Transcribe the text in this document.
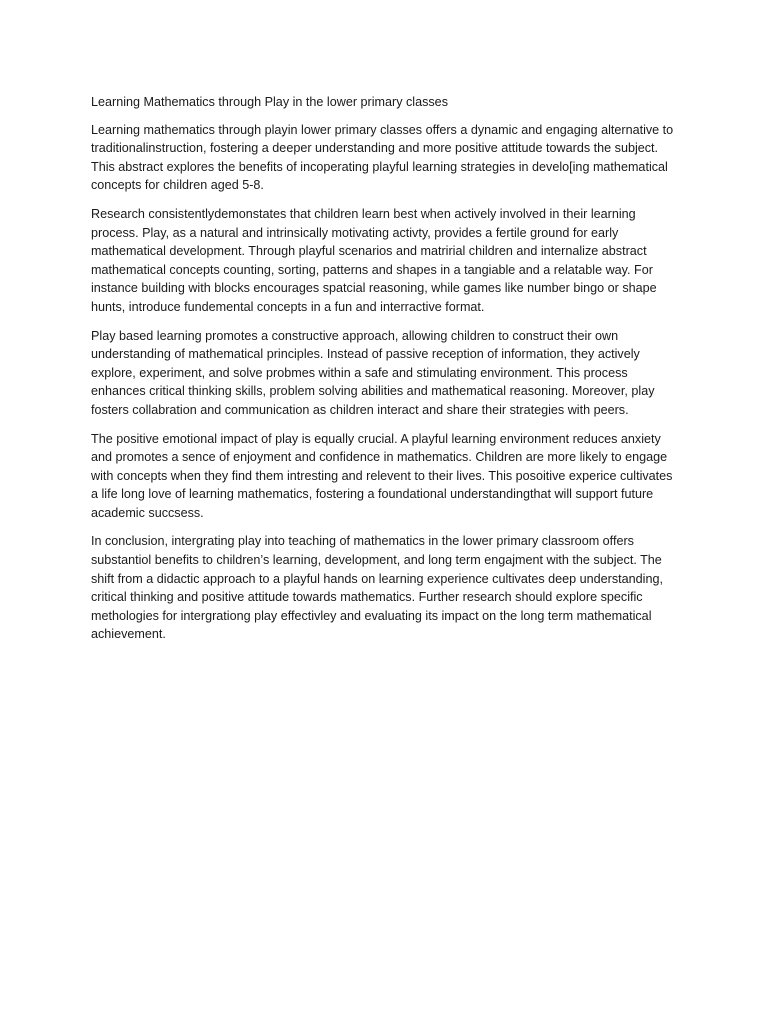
Learning Mathematics through Play in the lower primary classes

Learning mathematics through playin lower primary classes offers a dynamic and engaging alternative to traditionalinstruction, fostering a deeper understanding and more positive attitude towards the subject. This abstract explores the benefits of incoperating playful learning strategies in develo[ing mathematical concepts for children aged 5-8.

Research consistentlydemonstates that children learn best when actively involved in their learning process. Play, as a natural and intrinsically motivating activty, provides a fertile ground for early mathematical development. Through playful scenarios and matririal children and internalize abstract mathematical concepts counting, sorting, patterns and shapes in a tangiable and a relatable way. For instance building with blocks encourages spatcial reasoning, while games like number bingo or shape hunts, introduce fundemental concepts in a fun and interractive format.

Play based learning promotes a constructive approach, allowing children to construct their own understanding of mathematical principles. Instead of passive reception of information, they actively explore, experiment, and solve probmes within a safe and stimulating environment. This process enhances critical thinking skills, problem solving abilities and mathematical reasoning. Moreover, play fosters collabration and communication as children interact and share their strategies with peers.

The positive emotional impact of play is equally crucial. A playful learning environment reduces anxiety and promotes a sence of enjoyment and confidence in mathematics. Children are more likely to engage with concepts when they find them intresting and relevent to their lives. This posoitive experice cultivates a life long love of learning mathematics, fostering a foundational understandingthat will support future academic succsess.

In conclusion, intergrating play into teaching of mathematics in the lower primary classroom offers substantiol benefits to children’s learning, development, and long term engajment with the subject. The shift from a didactic approach to a playful hands on learning experience cultivates deep understanding, critical thinking and positive attitude towards mathematics. Further research should explore specific methologies for intergrationg play effectivley and evaluating its impact on the long term mathematical achievement.
